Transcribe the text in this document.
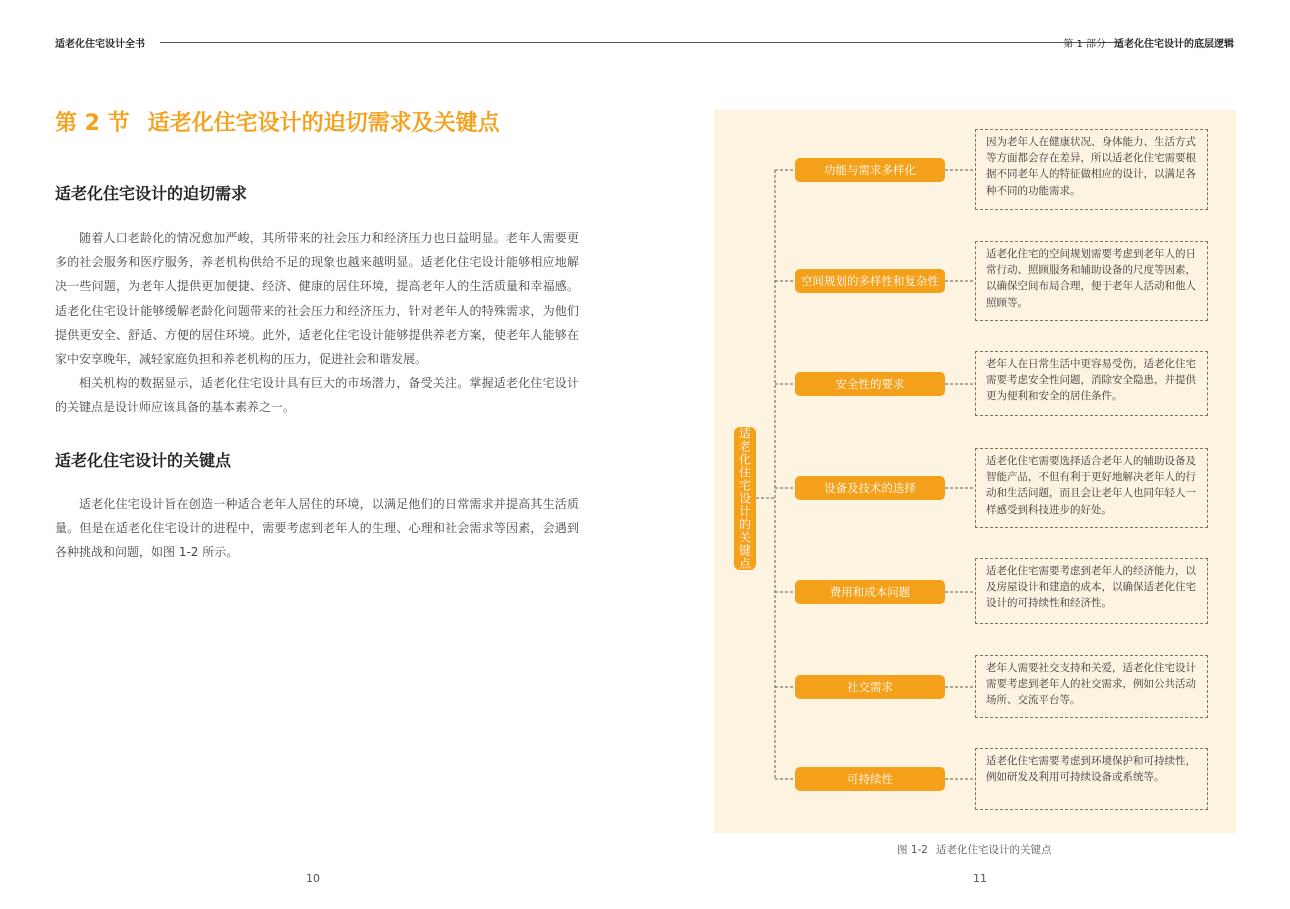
适老化住宅设计全书	第 1 部分 适老化住宅设计的底层逻辑
第 2 节 适老化住宅设计的迫切需求及关键点
适老化住宅设计的迫切需求

随着人口老龄化的情况愈加严峻，其所带来的社会压力和经济压力也日益明显。老年人需要更多的社会服务和医疗服务，养老机构供给不足的现象也越来越明显。适老化住宅设计能够相应地解决一些问题，为老年人提供更加便捷、经济、健康的居住环境，提高老年人的生活质量和幸福感。适老化住宅设计能够缓解老龄化问题带来的社会压力和经济压力，针对老年人的特殊需求，为他们提供更安全、舒适、方便的居住环境。此外，适老化住宅设计能够提供养老方案，使老年人能够在家中安享晚年，减轻家庭负担和养老机构的压力，促进社会和谐发展。

相关机构的数据显示，适老化住宅设计具有巨大的市场潜力，备受关注。掌握适老化住宅设计的关键点是设计师应该具备的基本素养之一。

适老化住宅设计的关键点

适老化住宅设计旨在创造一种适合老年人居住的环境，以满足他们的日常需求并提高其生活质量。但是在适老化住宅设计的进程中，需要考虑到老年人的生理、心理和社会需求等因素，会遇到各种挑战和问题，如图 1-2 所示。

10
适老化住宅设计的关键点
功能与需求多样化
因为老年人在健康状况、身体能力、生活方式等方面都会存在差异，所以适老化住宅需要根据不同老年人的特征做相应的设计，以满足各种不同的功能需求。
空间规划的多样性和复杂性
适老化住宅的空间规划需要考虑到老年人的日常行动、照顾服务和辅助设备的尺度等因素，以确保空间布局合理，便于老年人活动和他人照顾等。
安全性的要求
老年人在日常生活中更容易受伤，适老化住宅需要考虑安全性问题，消除安全隐患，并提供更为便利和安全的居住条件。
设备及技术的选择
适老化住宅需要选择适合老年人的辅助设备及智能产品，不但有利于更好地解决老年人的行动和生活问题，而且会让老年人也同年轻人一样感受到科技进步的好处。
费用和成本问题
适老化住宅需要考虑到老年人的经济能力，以及房屋设计和建造的成本，以确保适老化住宅设计的可持续性和经济性。
社交需求
老年人需要社交支持和关爱，适老化住宅设计需要考虑到老年人的社交需求，例如公共活动场所、交流平台等。
可持续性
适老化住宅需要考虑到环境保护和可持续性，例如研发及利用可持续设备或系统等。
图 1-2 适老化住宅设计的关键点
11
